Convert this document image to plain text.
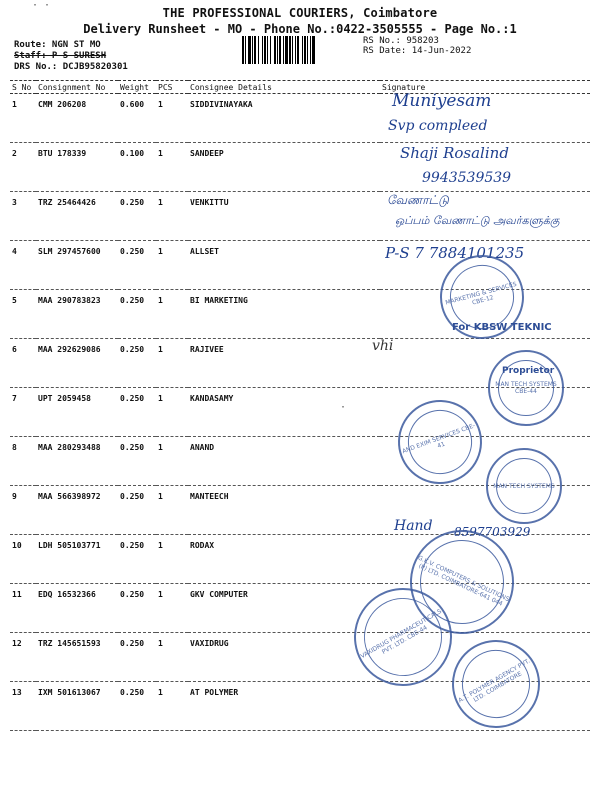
THE PROFESSIONAL COURIERS, Coimbatore
Delivery Runsheet - MO - Phone No.:0422-3505555 - Page No.:1
Route: NGN ST MO
Staff: P S SURESH
DRS No.: DCJB95820301
RS No.: 958203
RS Date: 14-Jun-2022
S No	Consignment No	Weight	PCS	Consignee Details	Signature
1	CMM 206208	0.600	1	SIDDIVINAYAKA	
2	BTU 178339	0.100	1	SANDEEP	
3	TRZ 25464426	0.250	1	VENKITTU	
4	SLM 297457600	0.250	1	ALLSET	
5	MAA 290783823	0.250	1	BI MARKETING	
6	MAA 292629086	0.250	1	RAJIVEE	
7	UPT 2059458	0.250	1	KANDASAMY	
8	MAA 280293488	0.250	1	ANAND	
9	MAA 566398972	0.250	1	MANTEECH	
10	LDH 505103771	0.250	1	RODAX	
11	EDQ 16532366	0.250	1	GKV COMPUTER	
12	TRZ 145651593	0.250	1	VAXIDRUG	
13	IXM 501613067	0.250	1	AT POLYMER	
Muniyesam
Svp compleed
Shaji Rosalind
9943539539
வேணாட்டு
ஒப்பம் வேணாட்டு அவர்களுக்கு
P-S 7 7884101235
vhi
Hand 8597703929
MARKETING & SERVICES CBE-12
For KBSW TEKNIC
Proprietor
MAN TECH SYSTEMS CBE-44
AND EXIM SERVICES CBE-41
MAN TECH SYSTEMS
G.K.V. COMPUTERS & SOLUTIONS (P) LTD. COIMBATORE-641 044
VAXIDRUG PHARMACEUTICALS PVT. LTD. CBE-44
A.T. POLYMER AGENCY PVT. LTD. COIMBATORE
· ·
·
